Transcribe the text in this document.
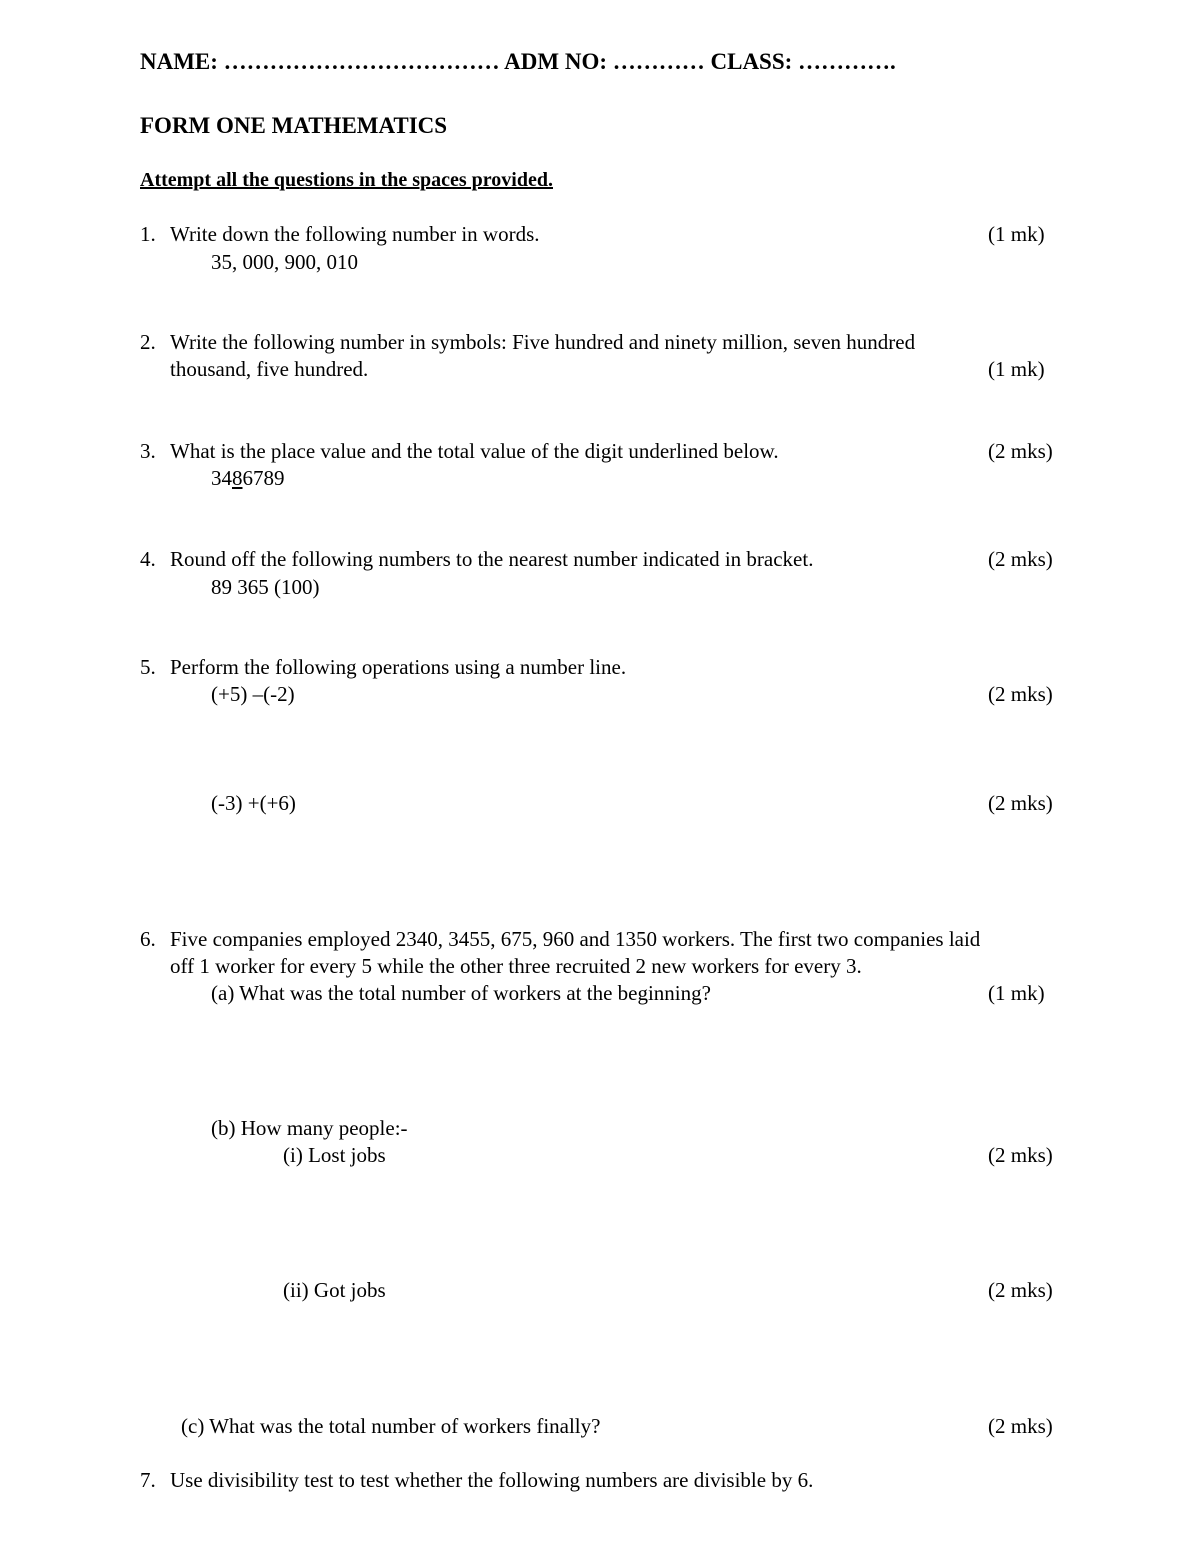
NAME: ……………………………… ADM NO: ………… CLASS: ………….
FORM ONE MATHEMATICS
Attempt all the questions in the spaces provided.
1. Write down the following number in words.	(1 mk)
35, 000, 900, 010
2. Write the following number in symbols: Five hundred and ninety million, seven hundred
thousand, five hundred.	(1 mk)
3. What is the place value and the total value of the digit underlined below.	(2 mks)
3486789
4. Round off the following numbers to the nearest number indicated in bracket.	(2 mks)
89 365 (100)
5. Perform the following operations using a number line.
(+5) –(-2)	(2 mks)
(-3) +(+6)	(2 mks)
6. Five companies employed 2340, 3455, 675, 960 and 1350 workers. The first two companies laid
off 1 worker for every 5 while the other three recruited 2 new workers for every 3.
(a) What was the total number of workers at the beginning?	(1 mk)
(b) How many people:-
(i) Lost jobs	(2 mks)
(ii) Got jobs	(2 mks)
(c) What was the total number of workers finally?	(2 mks)
7. Use divisibility test to test whether the following numbers are divisible by 6.
